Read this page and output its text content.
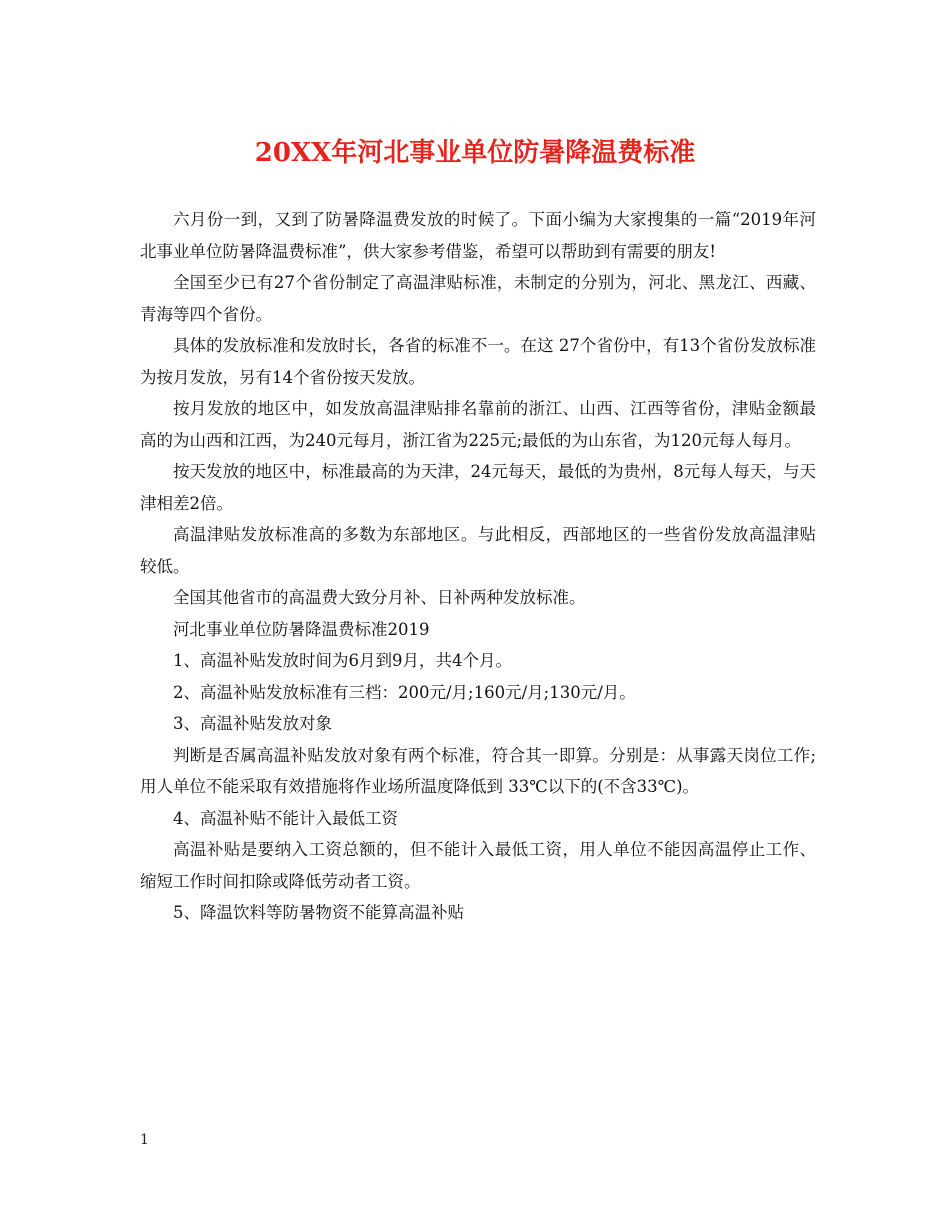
20XX年河北事业单位防暑降温费标准

六月份一到，又到了防暑降温费发放的时候了。下面小编为大家搜集的一篇“2019年河北事业单位防暑降温费标准”，供大家参考借鉴，希望可以帮助到有需要的朋友!

全国至少已有27个省份制定了高温津贴标准，未制定的分别为，河北、黑龙江、西藏、青海等四个省份。

具体的发放标准和发放时长，各省的标准不一。在这 27个省份中，有13个省份发放标准为按月发放，另有14个省份按天发放。

按月发放的地区中，如发放高温津贴排名靠前的浙江、山西、江西等省份，津贴金额最高的为山西和江西，为240元每月，浙江省为225元;最低的为山东省，为120元每人每月。

按天发放的地区中，标准最高的为天津，24元每天，最低的为贵州，8元每人每天，与天津相差2倍。

高温津贴发放标准高的多数为东部地区。与此相反，西部地区的一些省份发放高温津贴较低。

全国其他省市的高温费大致分月补、日补两种发放标准。

河北事业单位防暑降温费标准2019

1、高温补贴发放时间为6月到9月，共4个月。

2、高温补贴发放标准有三档：200元/月;160元/月;130元/月。

3、高温补贴发放对象

判断是否属高温补贴发放对象有两个标准，符合其一即算。分别是：从事露天岗位工作;用人单位不能采取有效措施将作业场所温度降低到 33℃以下的(不含33℃)。

4、高温补贴不能计入最低工资

高温补贴是要纳入工资总额的，但不能计入最低工资，用人单位不能因高温停止工作、缩短工作时间扣除或降低劳动者工资。

5、降温饮料等防暑物资不能算高温补贴

1
